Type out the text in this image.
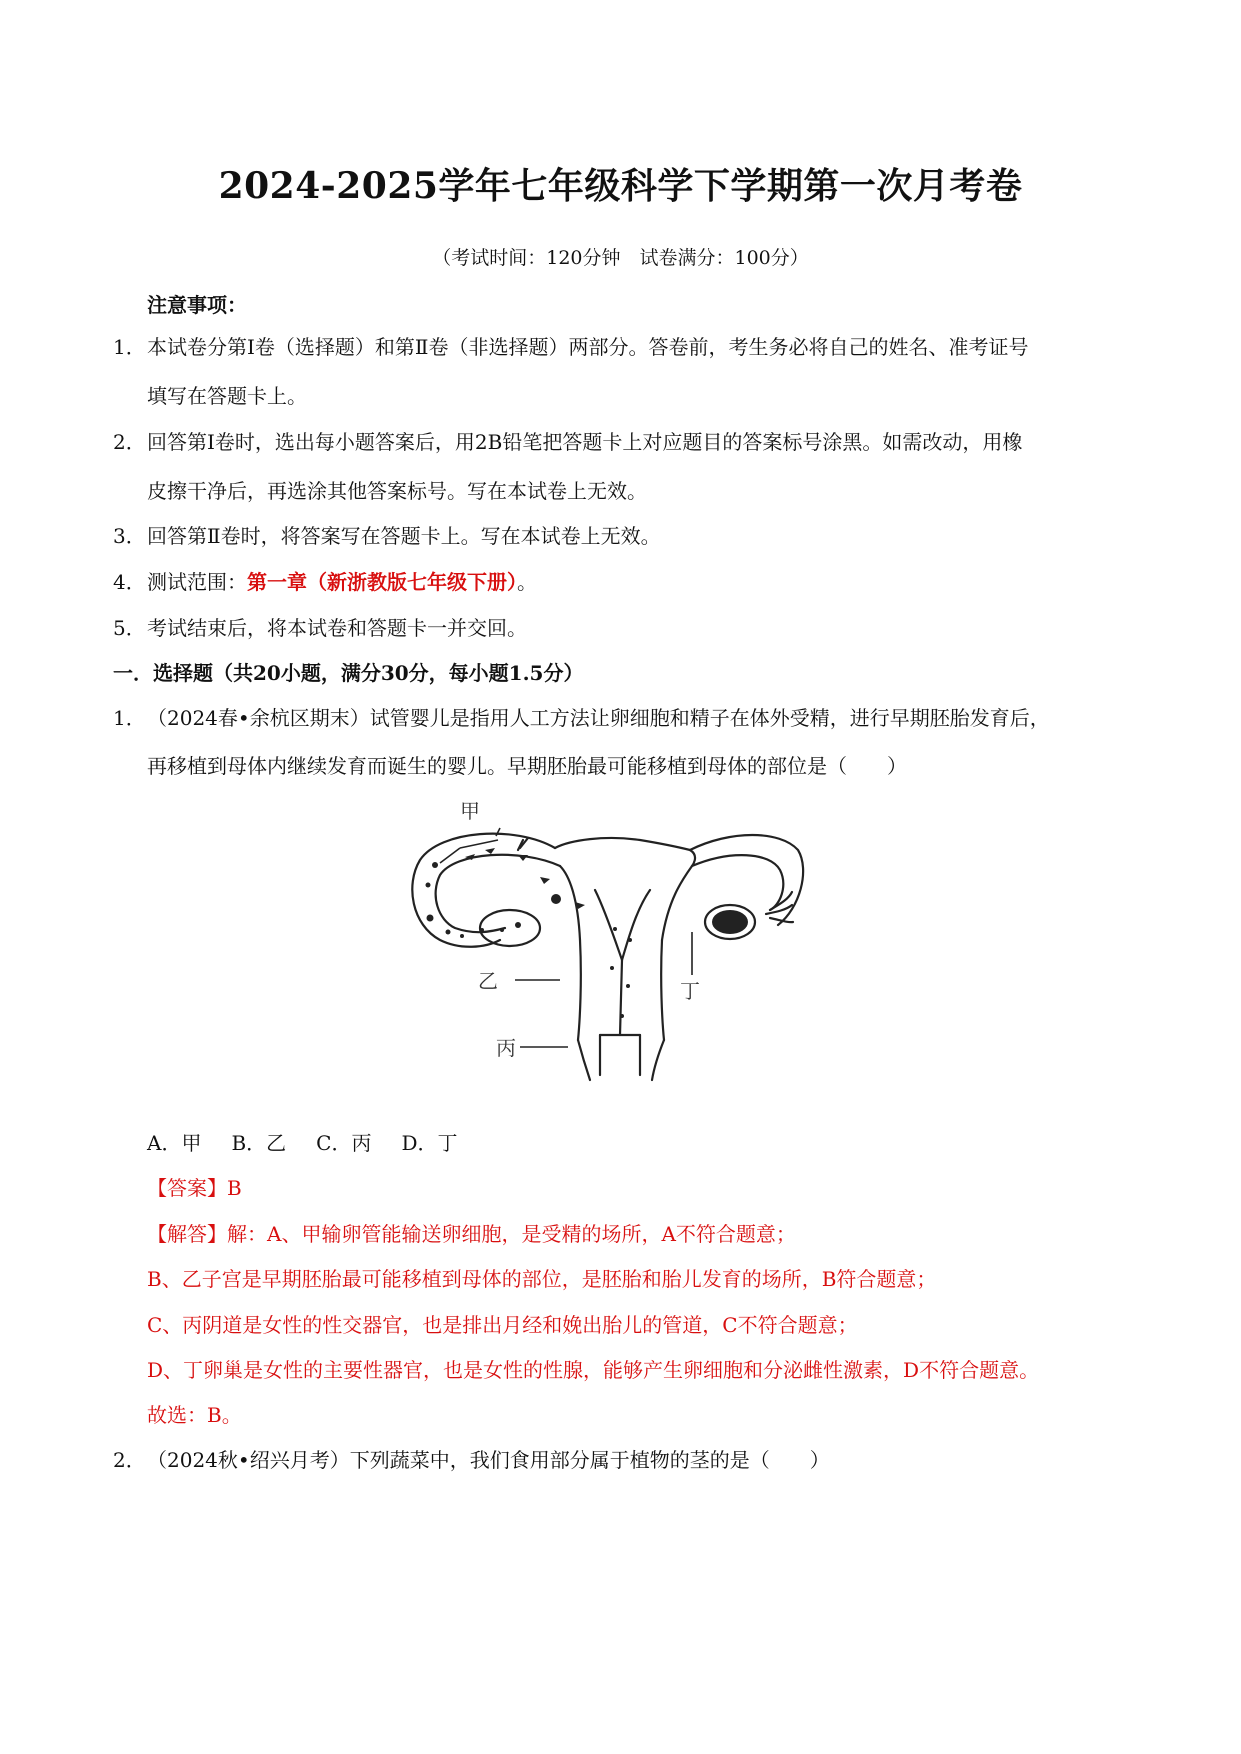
2024-2025学年七年级科学下学期第一次月考卷
（考试时间：120分钟　试卷满分：100分）
注意事项：
1．本试卷分第Ⅰ卷（选择题）和第Ⅱ卷（非选择题）两部分。答卷前，考生务必将自己的姓名、准考证号
填写在答题卡上。
2．回答第Ⅰ卷时，选出每小题答案后，用2B铅笔把答题卡上对应题目的答案标号涂黑。如需改动，用橡
皮擦干净后，再选涂其他答案标号。写在本试卷上无效。
3．回答第Ⅱ卷时，将答案写在答题卡上。写在本试卷上无效。
4．测试范围：第一章（新浙教版七年级下册）。
5．考试结束后，将本试卷和答题卡一并交回。
一．选择题（共20小题，满分30分，每小题1.5分）
1．（2024春•余杭区期末）试管婴儿是指用人工方法让卵细胞和精子在体外受精，进行早期胚胎发育后，
再移植到母体内继续发育而诞生的婴儿。早期胚胎最可能移植到母体的部位是（　　）
甲
乙
丙
丁
A．甲 B．乙 C．丙 D．丁
【答案】B
【解答】解：A、甲输卵管能输送卵细胞，是受精的场所，A不符合题意；
B、乙子宫是早期胚胎最可能移植到母体的部位，是胚胎和胎儿发育的场所，B符合题意；
C、丙阴道是女性的性交器官，也是排出月经和娩出胎儿的管道，C不符合题意；
D、丁卵巢是女性的主要性器官，也是女性的性腺，能够产生卵细胞和分泌雌性激素，D不符合题意。
故选：B。
2．（2024秋•绍兴月考）下列蔬菜中，我们食用部分属于植物的茎的是（　　）
